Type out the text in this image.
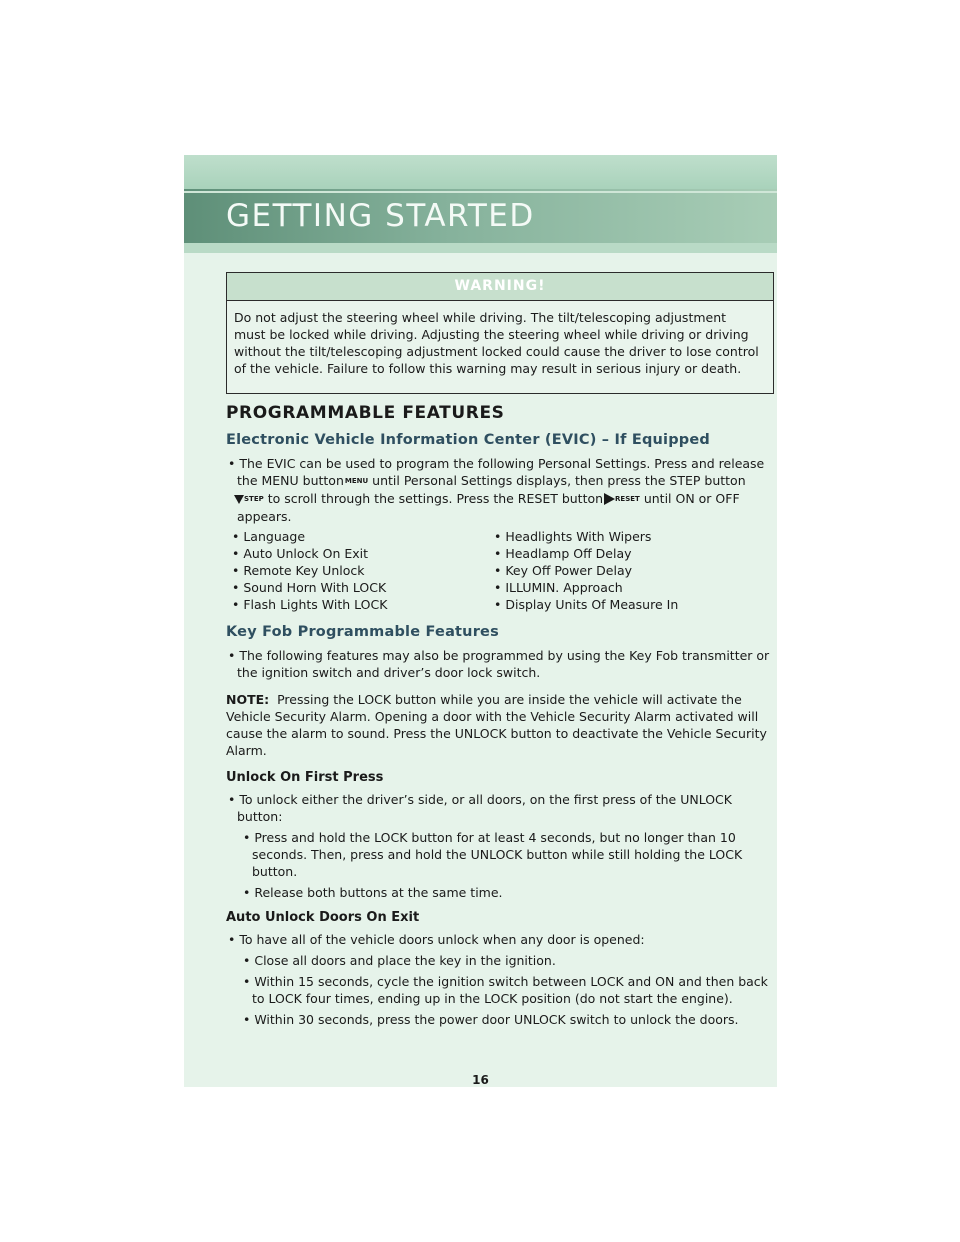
GETTING STARTED
WARNING!
Do not adjust the steering wheel while driving. The tilt/telescoping adjustment must be locked while driving. Adjusting the steering wheel while driving or driving without the tilt/telescoping adjustment locked could cause the driver to lose control of the vehicle. Failure to follow this warning may result in serious injury or death.
PROGRAMMABLE FEATURES
Electronic Vehicle Information Center (EVIC) – If Equipped

• The EVIC can be used to program the following Personal Settings. Press and release the MENU button MENU until Personal Settings displays, then press the STEP button STEP to scroll through the settings. Press the RESET button RESET until ON or OFF appears.

• Language
• Auto Unlock On Exit
• Remote Key Unlock
• Sound Horn With LOCK
• Flash Lights With LOCK
• Headlights With Wipers
• Headlamp Off Delay
• Key Off Power Delay
• ILLUMIN. Approach
• Display Units Of Measure In
Key Fob Programmable Features

• The following features may also be programmed by using the Key Fob transmitter or the ignition switch and driver’s door lock switch.

NOTE: Pressing the LOCK button while you are inside the vehicle will activate the Vehicle Security Alarm. Opening a door with the Vehicle Security Alarm activated will cause the alarm to sound. Press the UNLOCK button to deactivate the Vehicle Security Alarm.

Unlock On First Press

• To unlock either the driver’s side, or all doors, on the first press of the UNLOCK button:

• Press and hold the LOCK button for at least 4 seconds, but no longer than 10 seconds. Then, press and hold the UNLOCK button while still holding the LOCK button.

• Release both buttons at the same time.

Auto Unlock Doors On Exit

• To have all of the vehicle doors unlock when any door is opened:

• Close all doors and place the key in the ignition.

• Within 15 seconds, cycle the ignition switch between LOCK and ON and then back to LOCK four times, ending up in the LOCK position (do not start the engine).

• Within 30 seconds, press the power door UNLOCK switch to unlock the doors.

16
